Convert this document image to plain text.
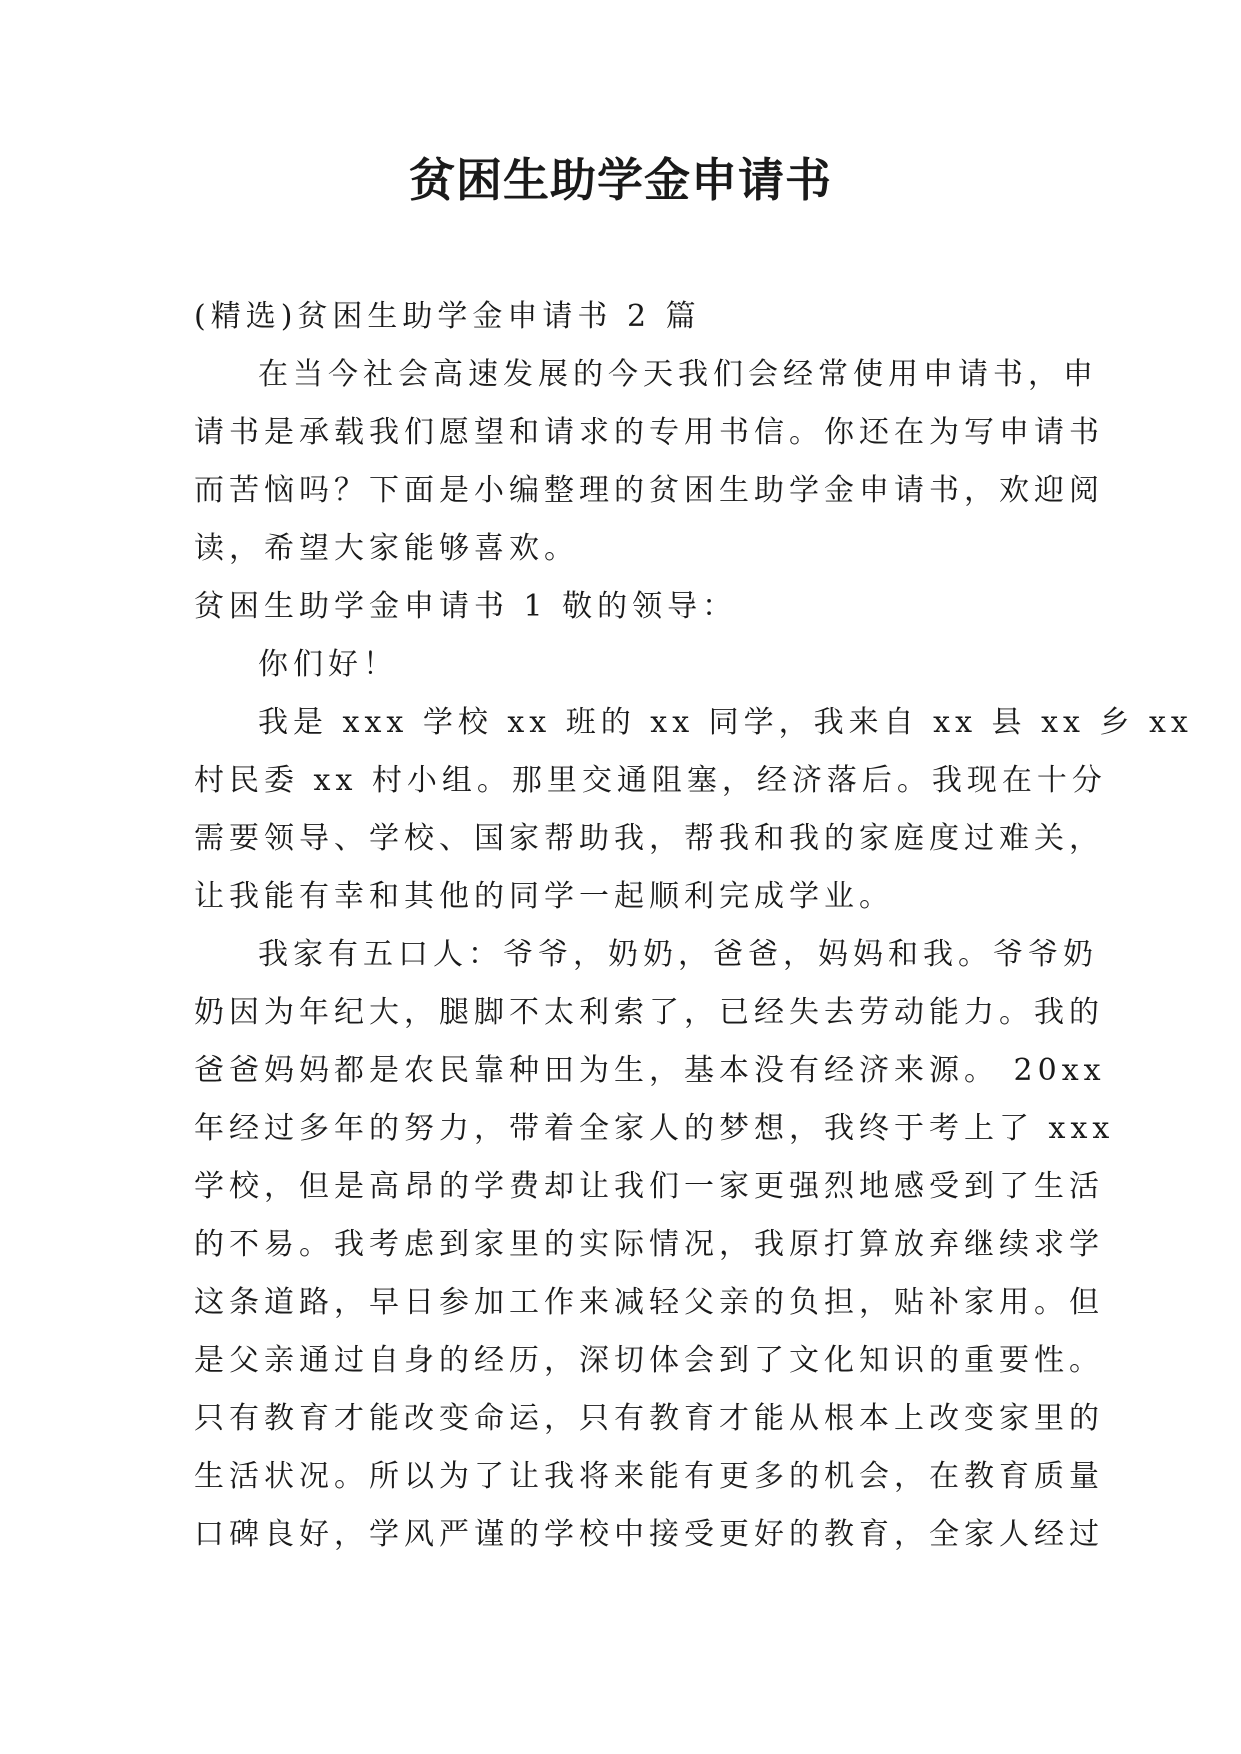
贫困生助学金申请书

(精选)贫困生助学金申请书 2 篇

在当今社会高速发展的今天我们会经常使用申请书，申

请书是承载我们愿望和请求的专用书信。你还在为写申请书

而苦恼吗？下面是小编整理的贫困生助学金申请书，欢迎阅

读，希望大家能够喜欢。

贫困生助学金申请书 1 敬的领导：

你们好！

我是 xxx 学校 xx 班的 xx 同学，我来自 xx 县 xx 乡 xx

村民委 xx 村小组。那里交通阻塞，经济落后。我现在十分

需要领导、学校、国家帮助我，帮我和我的家庭度过难关，

让我能有幸和其他的同学一起顺利完成学业。

我家有五口人：爷爷，奶奶，爸爸，妈妈和我。爷爷奶

奶因为年纪大，腿脚不太利索了，已经失去劳动能力。我的

爸爸妈妈都是农民靠种田为生，基本没有经济来源。 20xx

年经过多年的努力，带着全家人的梦想，我终于考上了 xxx

学校，但是高昂的学费却让我们一家更强烈地感受到了生活

的不易。我考虑到家里的实际情况，我原打算放弃继续求学

这条道路，早日参加工作来减轻父亲的负担，贴补家用。但

是父亲通过自身的经历，深切体会到了文化知识的重要性。

只有教育才能改变命运，只有教育才能从根本上改变家里的

生活状况。所以为了让我将来能有更多的机会，在教育质量

口碑良好，学风严谨的学校中接受更好的教育，全家人经过
